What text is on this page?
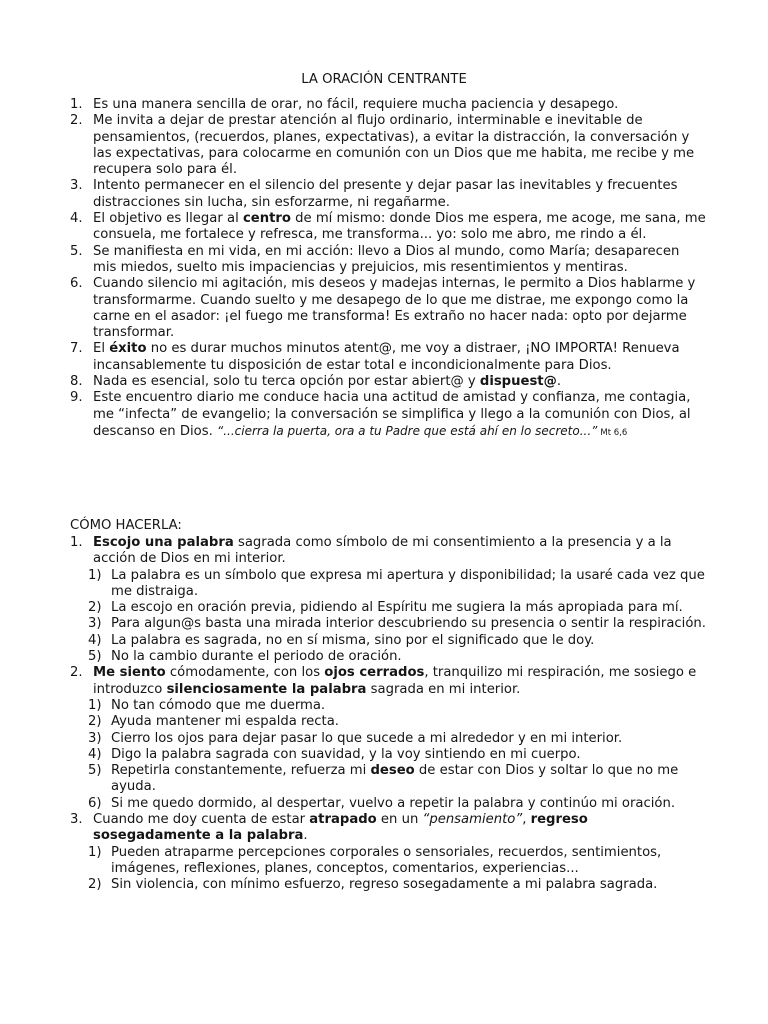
LA ORACIÓN CENTRANTE
1. Es una manera sencilla de orar, no fácil, requiere mucha paciencia y desapego.
2. Me invita a dejar de prestar atención al flujo ordinario, interminable e inevitable de pensamientos, (recuerdos, planes, expectativas), a evitar la distracción, la conversación y las expectativas, para colocarme en comunión con un Dios que me habita, me recibe y me recupera solo para él.
3. Intento permanecer en el silencio del presente y dejar pasar las inevitables y frecuentes distracciones sin lucha, sin esforzarme, ni regañarme.
4. El objetivo es llegar al centro de mí mismo: donde Dios me espera, me acoge, me sana, me consuela, me fortalece y refresca, me transforma... yo: solo me abro, me rindo a él.
5. Se manifiesta en mi vida, en mi acción: llevo a Dios al mundo, como María; desaparecen mis miedos, suelto mis impaciencias y prejuicios, mis resentimientos y mentiras.
6. Cuando silencio mi agitación, mis deseos y madejas internas, le permito a Dios hablarme y transformarme. Cuando suelto y me desapego de lo que me distrae, me expongo como la carne en el asador: ¡el fuego me transforma! Es extraño no hacer nada: opto por dejarme transformar.
7. El éxito no es durar muchos minutos atent@, me voy a distraer, ¡NO IMPORTA! Renueva incansablemente tu disposición de estar total e incondicionalmente para Dios.
8. Nada es esencial, solo tu terca opción por estar abiert@ y dispuest@.
9. Este encuentro diario me conduce hacia una actitud de amistad y confianza, me contagia, me “infecta” de evangelio; la conversación se simplifica y llego a la comunión con Dios, al descanso en Dios. “...cierra la puerta, ora a tu Padre que está ahí en lo secreto...” Mt 6,6
CÓMO HACERLA:
1. Escojo una palabra sagrada como símbolo de mi consentimiento a la presencia y a la acción de Dios en mi interior.
1) La palabra es un símbolo que expresa mi apertura y disponibilidad; la usaré cada vez que me distraiga.
2) La escojo en oración previa, pidiendo al Espíritu me sugiera la más apropiada para mí.
3) Para algun@s basta una mirada interior descubriendo su presencia o sentir la respiración.
4) La palabra es sagrada, no en sí misma, sino por el significado que le doy.
5) No la cambio durante el periodo de oración.
2. Me siento cómodamente, con los ojos cerrados, tranquilizo mi respiración, me sosiego e introduzco silenciosamente la palabra sagrada en mi interior.
1) No tan cómodo que me duerma.
2) Ayuda mantener mi espalda recta.
3) Cierro los ojos para dejar pasar lo que sucede a mi alrededor y en mi interior.
4) Digo la palabra sagrada con suavidad, y la voy sintiendo en mi cuerpo.
5) Repetirla constantemente, refuerza mi deseo de estar con Dios y soltar lo que no me ayuda.
6) Si me quedo dormido, al despertar, vuelvo a repetir la palabra y continúo mi oración.
3. Cuando me doy cuenta de estar atrapado en un “pensamiento”, regreso sosegadamente a la palabra.
1) Pueden atraparme percepciones corporales o sensoriales, recuerdos, sentimientos, imágenes, reflexiones, planes, conceptos, comentarios, experiencias...
2) Sin violencia, con mínimo esfuerzo, regreso sosegadamente a mi palabra sagrada.
